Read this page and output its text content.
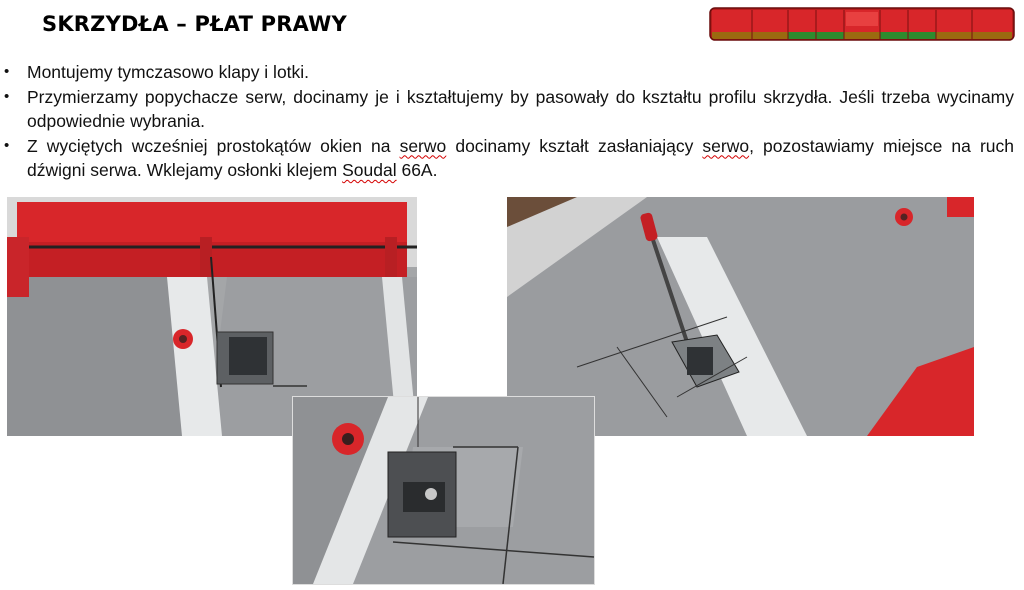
SKRZYDŁA – PŁAT PRAWY
• Montujemy tymczasowo klapy i lotki.
• Przymierzamy popychacze serw, docinamy je i kształtujemy by pasowały do kształtu profilu skrzydła. Jeśli trzeba wycinamy odpowiednie wybrania.
• Z wyciętych wcześniej prostokątów okien na serwo docinamy kształt zasłaniający serwo, pozostawiamy miejsce na ruch dźwigni serwa. Wklejamy osłonki klejem Soudal 66A.
